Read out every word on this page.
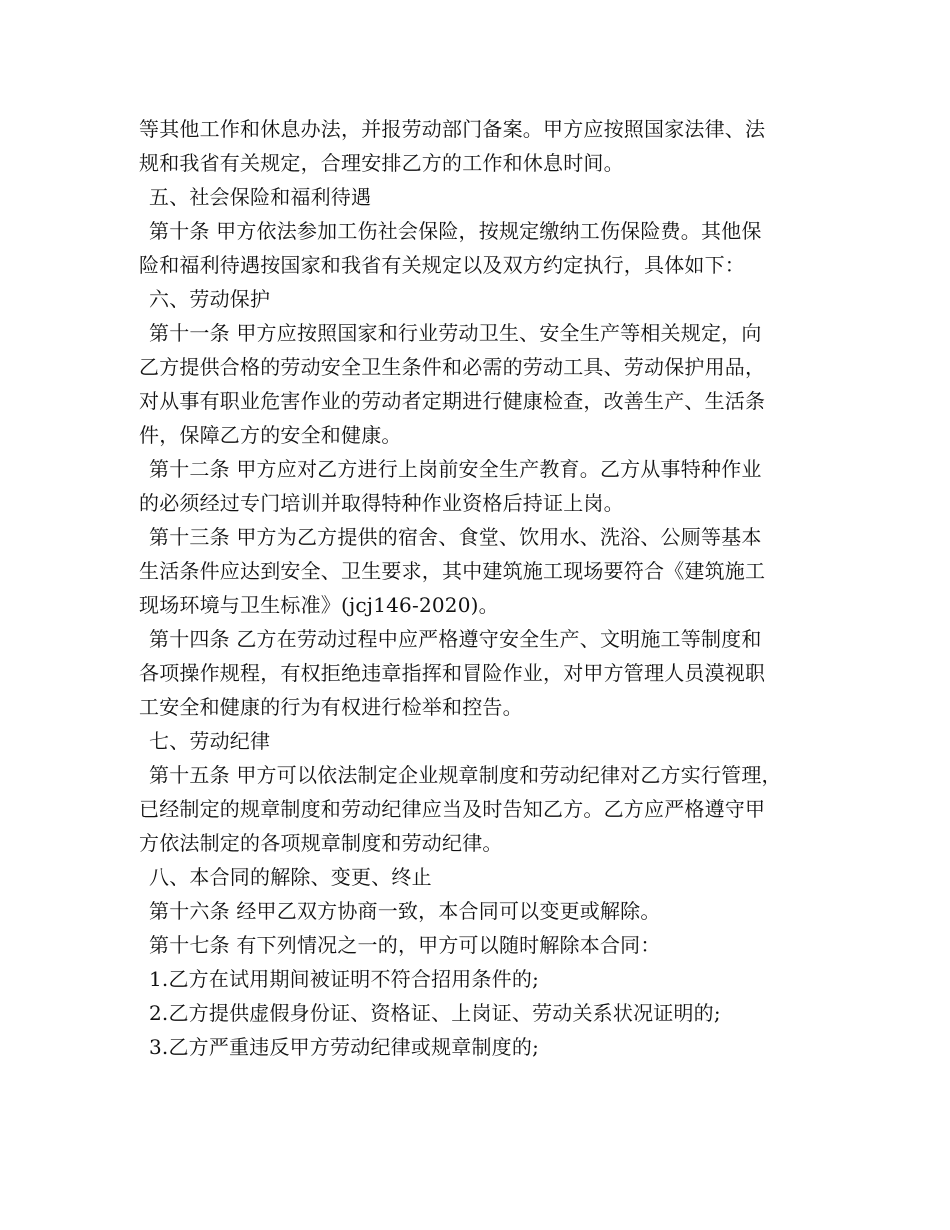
等其他工作和休息办法，并报劳动部门备案。甲方应按照国家法律、法
规和我省有关规定，合理安排乙方的工作和休息时间。
五、社会保险和福利待遇
第十条 甲方依法参加工伤社会保险，按规定缴纳工伤保险费。其他保
险和福利待遇按国家和我省有关规定以及双方约定执行，具体如下：
六、劳动保护
第十一条 甲方应按照国家和行业劳动卫生、安全生产等相关规定，向
乙方提供合格的劳动安全卫生条件和必需的劳动工具、劳动保护用品，
对从事有职业危害作业的劳动者定期进行健康检查，改善生产、生活条
件，保障乙方的安全和健康。
第十二条 甲方应对乙方进行上岗前安全生产教育。乙方从事特种作业
的必须经过专门培训并取得特种作业资格后持证上岗。
第十三条 甲方为乙方提供的宿舍、食堂、饮用水、洗浴、公厕等基本
生活条件应达到安全、卫生要求，其中建筑施工现场要符合《建筑施工
现场环境与卫生标准》(jcj146-2020)。
第十四条 乙方在劳动过程中应严格遵守安全生产、文明施工等制度和
各项操作规程，有权拒绝违章指挥和冒险作业，对甲方管理人员漠视职
工安全和健康的行为有权进行检举和控告。
七、劳动纪律
第十五条 甲方可以依法制定企业规章制度和劳动纪律对乙方实行管理，
已经制定的规章制度和劳动纪律应当及时告知乙方。乙方应严格遵守甲
方依法制定的各项规章制度和劳动纪律。
八、本合同的解除、变更、终止
第十六条 经甲乙双方协商一致，本合同可以变更或解除。
第十七条 有下列情况之一的，甲方可以随时解除本合同：
1.乙方在试用期间被证明不符合招用条件的;
2.乙方提供虚假身份证、资格证、上岗证、劳动关系状况证明的;
3.乙方严重违反甲方劳动纪律或规章制度的;
